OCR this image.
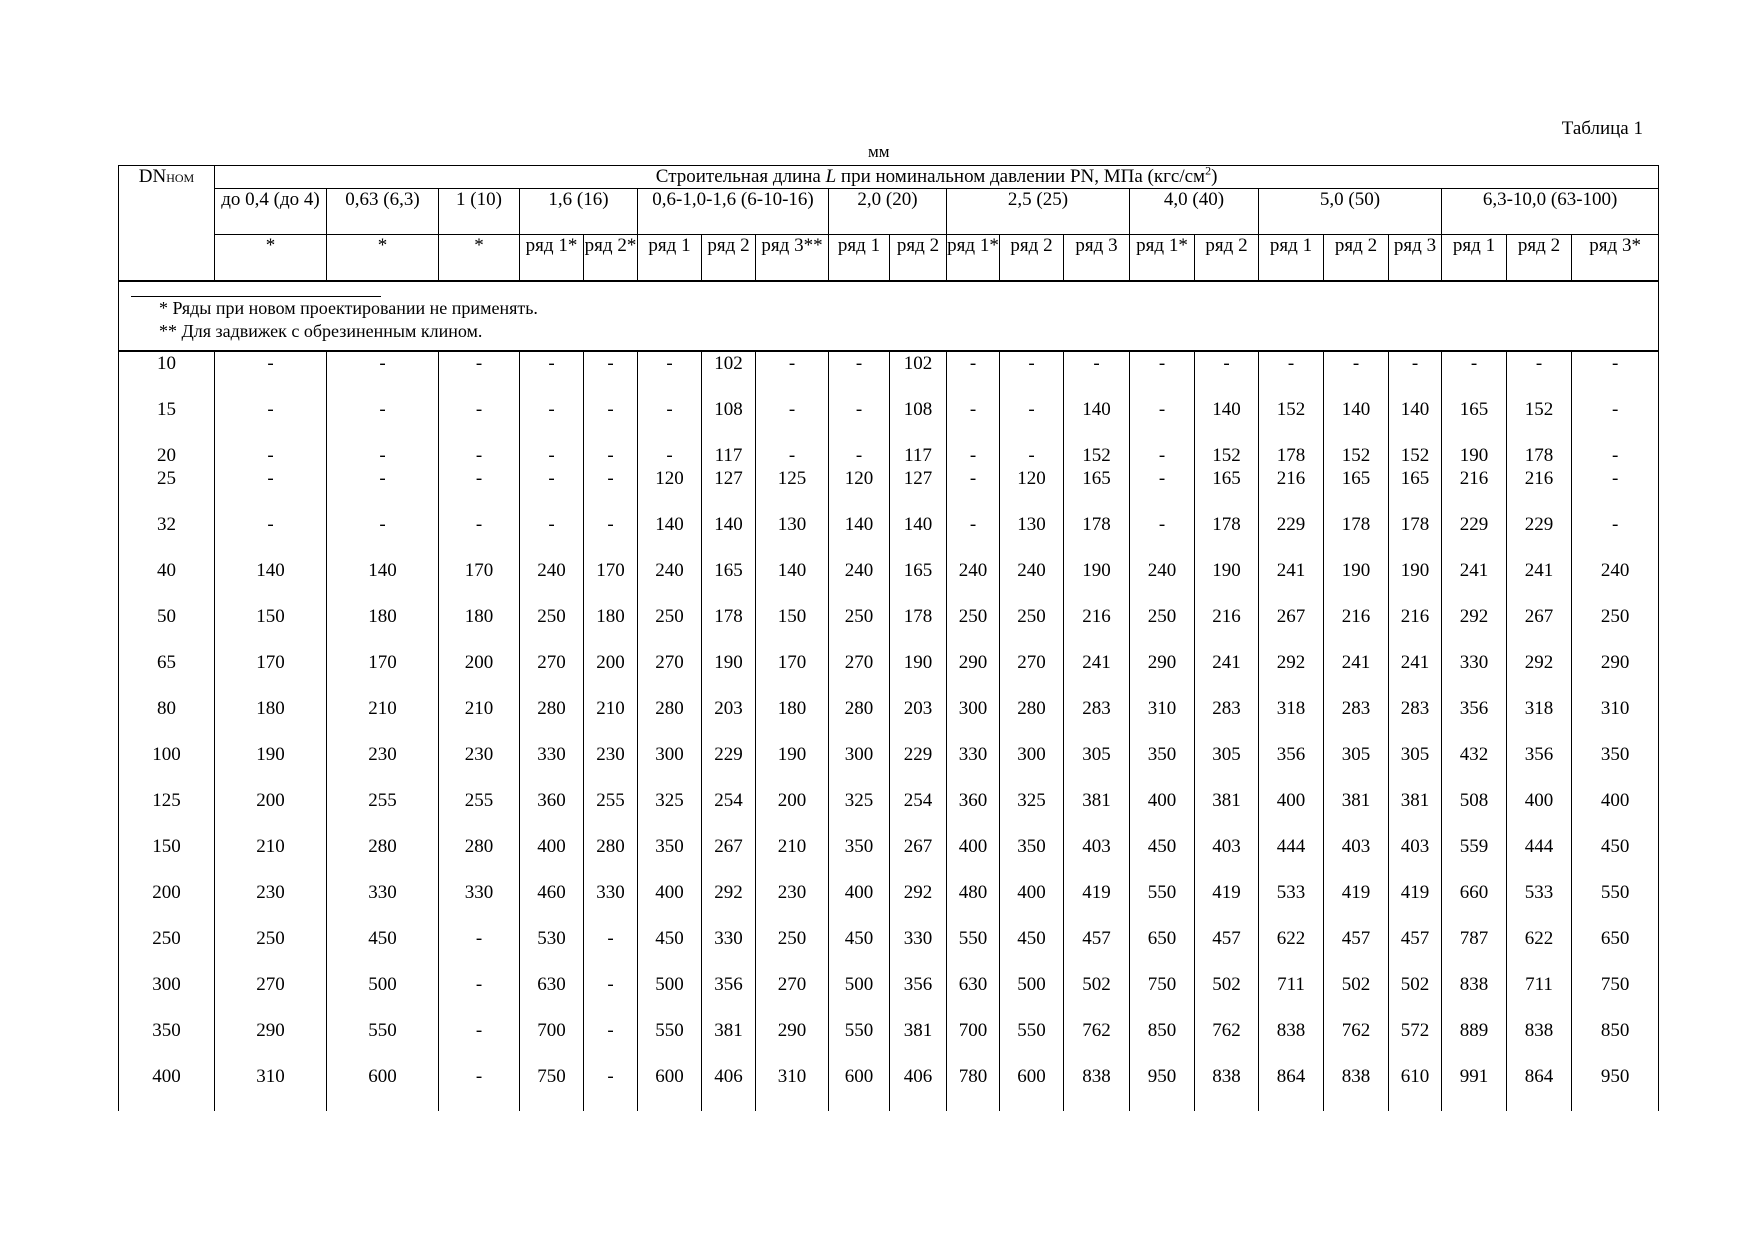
Таблица 1
мм
DNНОМ	Строительная длина L при номинальном давлении PN, МПа $(кгс/см^2)$																				
	до 0,4 (до 4)	0,63 (6,3)	1 (10)	1,6 (16)		0,6-1,0-1,6 (6-10-16)			2,0 (20)		2,5 (25)			4,0 (40)		5,0 (50)			6,3-10,0 (63-100)		
	*	*	*	ряд 1*	ряд 2*	ряд 1	ряд 2	ряд 3**	ряд 1	ряд 2	ряд 1*	ряд 2	ряд 3	ряд 1*	ряд 2	ряд 1	ряд 2	ряд 3	ряд 1	ряд 2	ряд 3*

* Ряды при новом проектировании не применять.
** Для задвижек с обрезиненным клином.																					

10	-	-	-	-	-	-	102	-	-	102	-	-	-	-	-	-	-	-	-	-	-
15	-	-	-	-	-	-	108	-	-	108	-	-	140	-	140	152	140	140	165	152	-
20	-	-	-	-	-	-	117	-	-	117	-	-	152	-	152	178	152	152	190	178	-
25	-	-	-	-	-	120	127	125	120	127	-	120	165	-	165	216	165	165	216	216	-
32	-	-	-	-	-	140	140	130	140	140	-	130	178	-	178	229	178	178	229	229	-
40	140	140	170	240	170	240	165	140	240	165	240	240	190	240	190	241	190	190	241	241	240
50	150	180	180	250	180	250	178	150	250	178	250	250	216	250	216	267	216	216	292	267	250
65	170	170	200	270	200	270	190	170	270	190	290	270	241	290	241	292	241	241	330	292	290
80	180	210	210	280	210	280	203	180	280	203	300	280	283	310	283	318	283	283	356	318	310
100	190	230	230	330	230	300	229	190	300	229	330	300	305	350	305	356	305	305	432	356	350
125	200	255	255	360	255	325	254	200	325	254	360	325	381	400	381	400	381	381	508	400	400
150	210	280	280	400	280	350	267	210	350	267	400	350	403	450	403	444	403	403	559	444	450
200	230	330	330	460	330	400	292	230	400	292	480	400	419	550	419	533	419	419	660	533	550
250	250	450	-	530	-	450	330	250	450	330	550	450	457	650	457	622	457	457	787	622	650
300	270	500	-	630	-	500	356	270	500	356	630	500	502	750	502	711	502	502	838	711	750
350	290	550	-	700	-	550	381	290	550	381	700	550	762	850	762	838	762	572	889	838	850
400	310	600	-	750	-	600	406	310	600	406	780	600	838	950	838	864	838	610	991	864	950
